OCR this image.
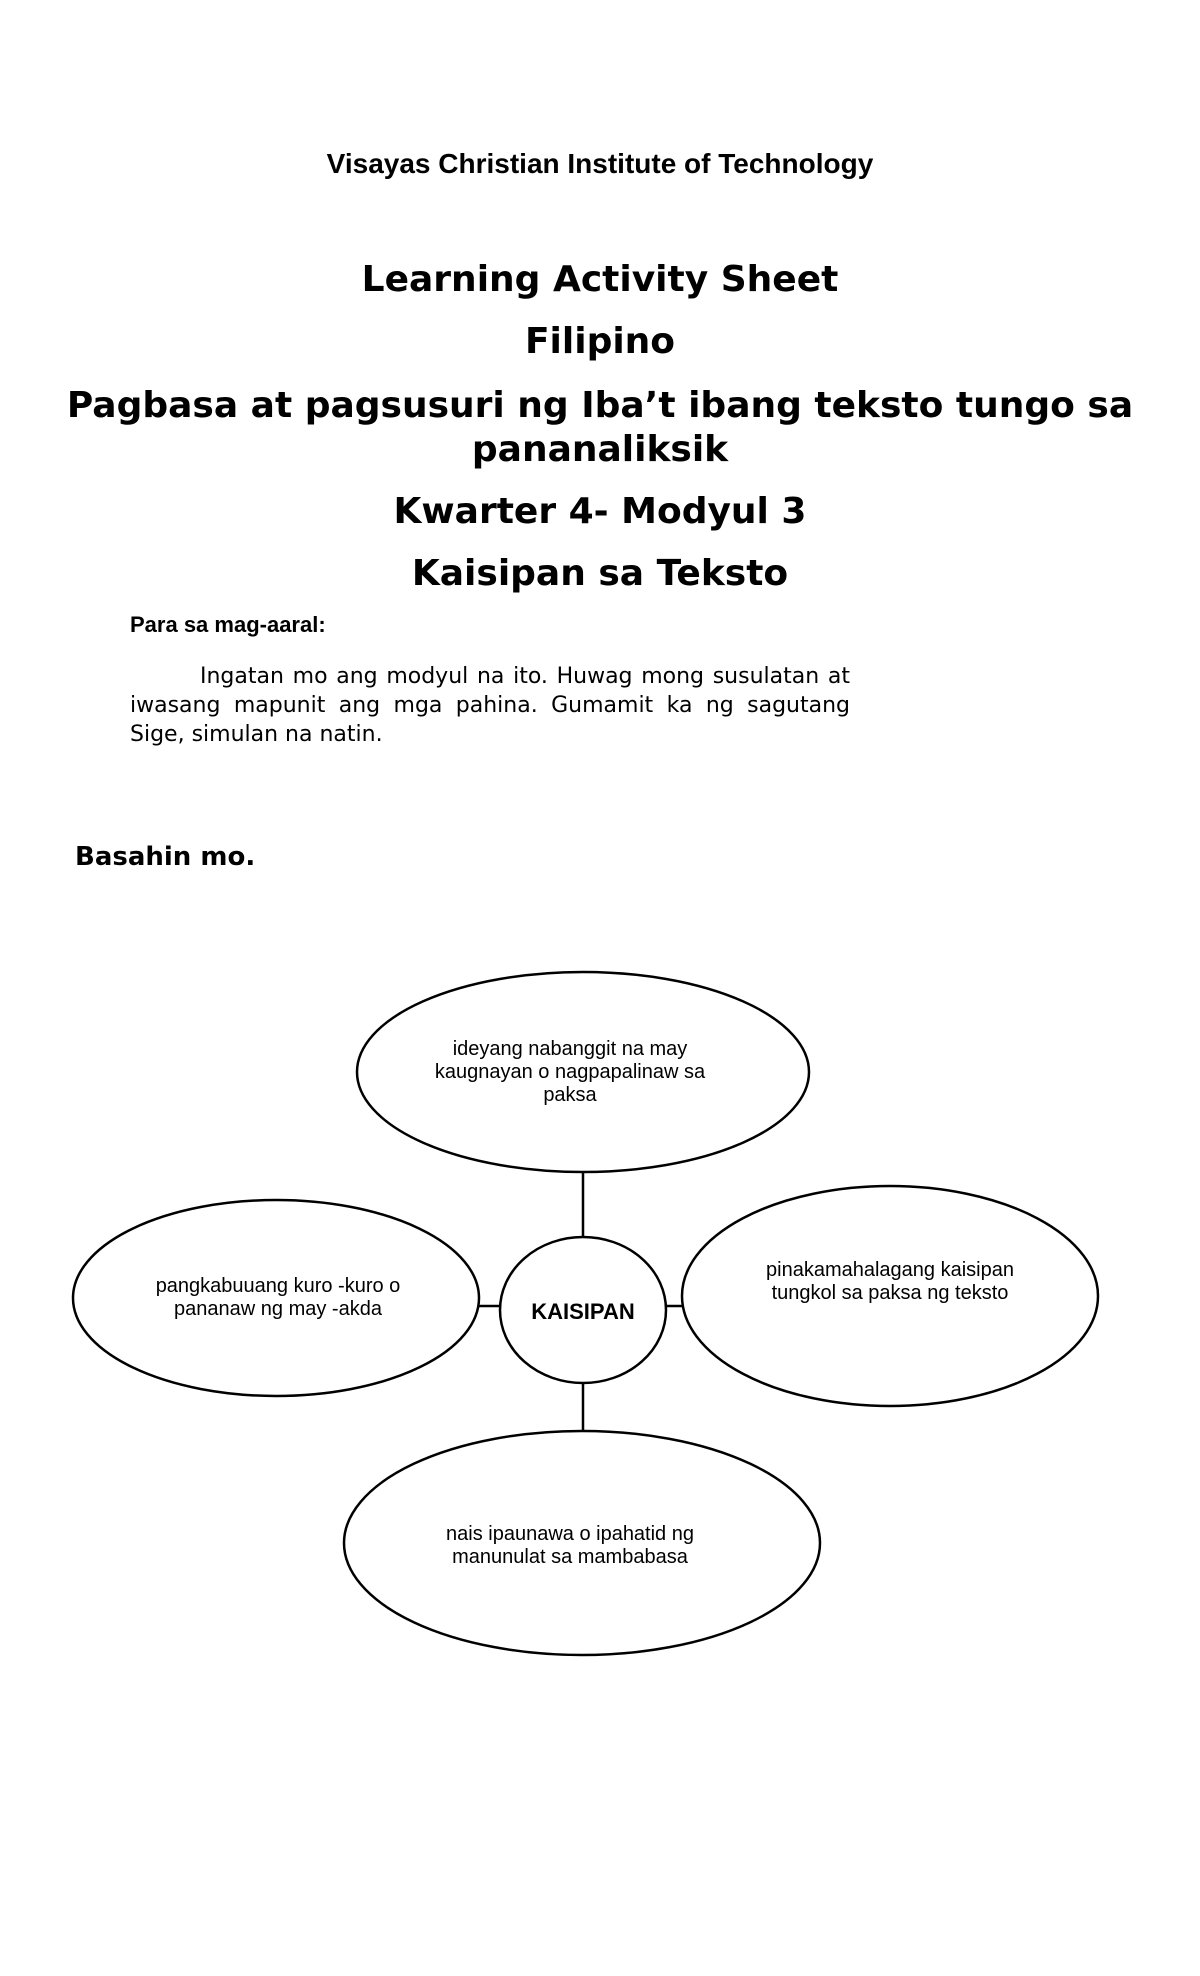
Visayas Christian Institute of Technology
Learning Activity Sheet
Filipino
Pagbasa at pagsusuri ng Iba’t ibang teksto tungo sa pananaliksik
Kwarter 4- Modyul 3
Kaisipan sa Teksto
Para sa mag-aaral:
Ingatan mo ang modyul na ito. Huwag mong susulatan at iwasang mapunit ang mga pahina. Gumamit ka ng sagutang Sige, simulan na natin.
Basahin mo.
ideyang nabanggit na may kaugnayan o nagpapalinaw sa paksa
pangkabuuang kuro -kuro o pananaw ng may -akda
pinakamahalagang kaisipan tungkol sa paksa ng teksto
nais ipaunawa o ipahatid ng manunulat sa mambabasa
KAISIPAN
